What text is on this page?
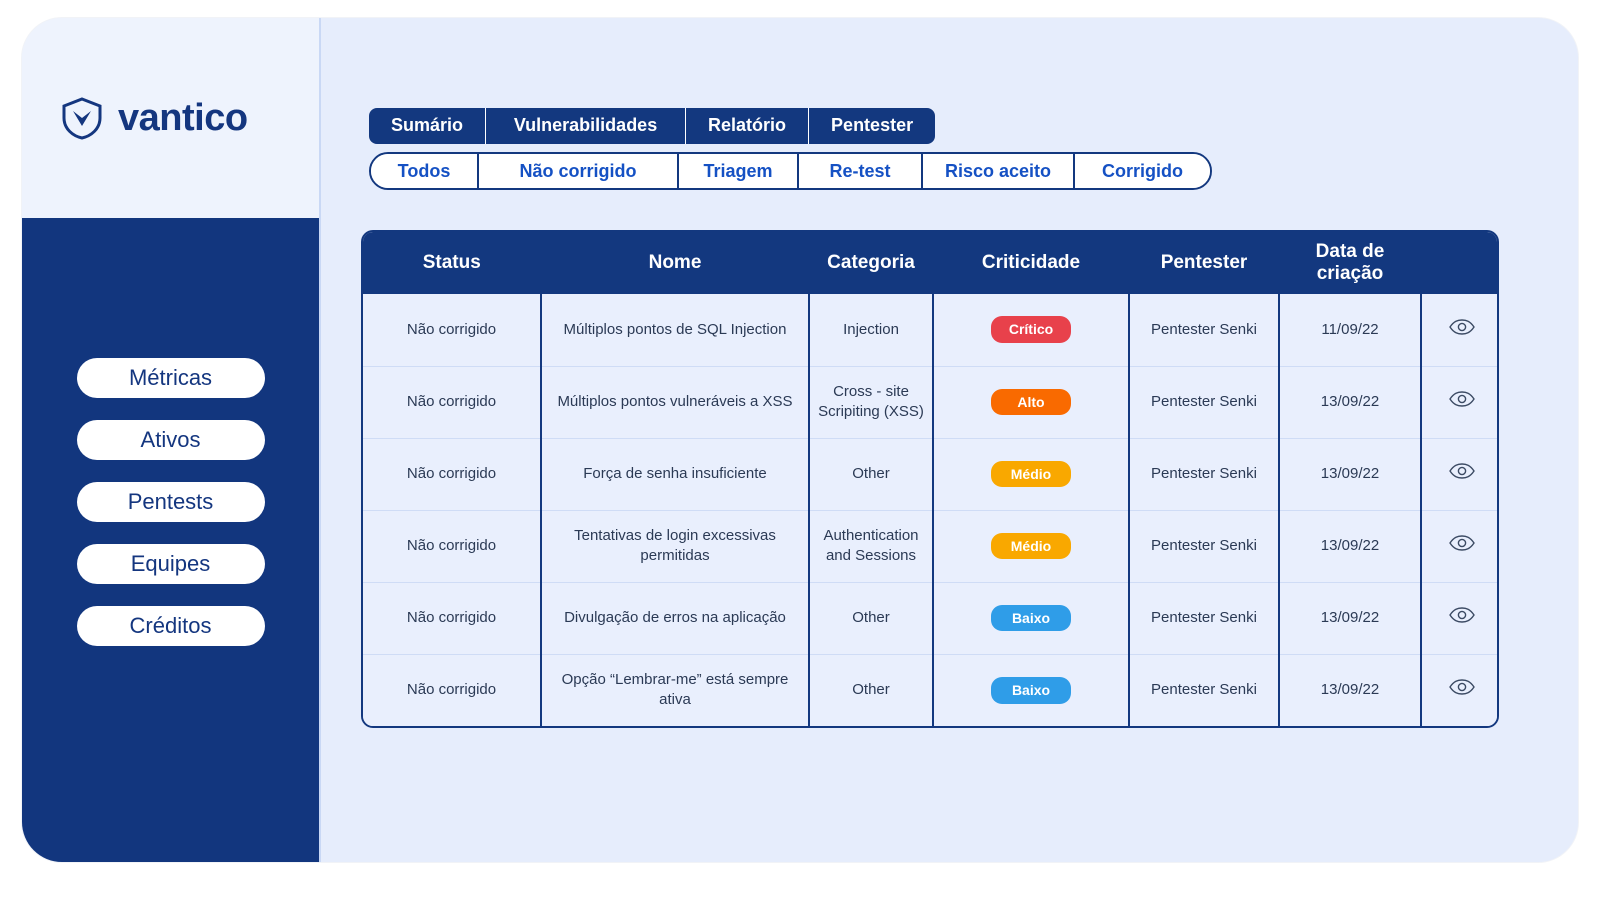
vantico
Métricas
Ativos
Pentests
Equipes
Créditos
Sumário	Vulnerabilidades	Relatório	Pentester
Todos	Não corrigido	Triagem	Re-test	Risco aceito	Corrigido
Status	Nome	Categoria	Criticidade	Pentester	Data de criação	
Não corrigido	Múltiplos pontos de SQL Injection	Injection	Crítico	Pentester Senki	11/09/22	
Não corrigido	Múltiplos pontos vulneráveis a XSS	Cross - site Scripiting (XSS)	Alto	Pentester Senki	13/09/22	
Não corrigido	Força de senha insuficiente	Other	Médio	Pentester Senki	13/09/22	
Não corrigido	Tentativas de login excessivas permitidas	Authentication and Sessions	Médio	Pentester Senki	13/09/22	
Não corrigido	Divulgação de erros na aplicação	Other	Baixo	Pentester Senki	13/09/22	
Não corrigido	Opção “Lembrar-me” está sempre ativa	Other	Baixo	Pentester Senki	13/09/22	
